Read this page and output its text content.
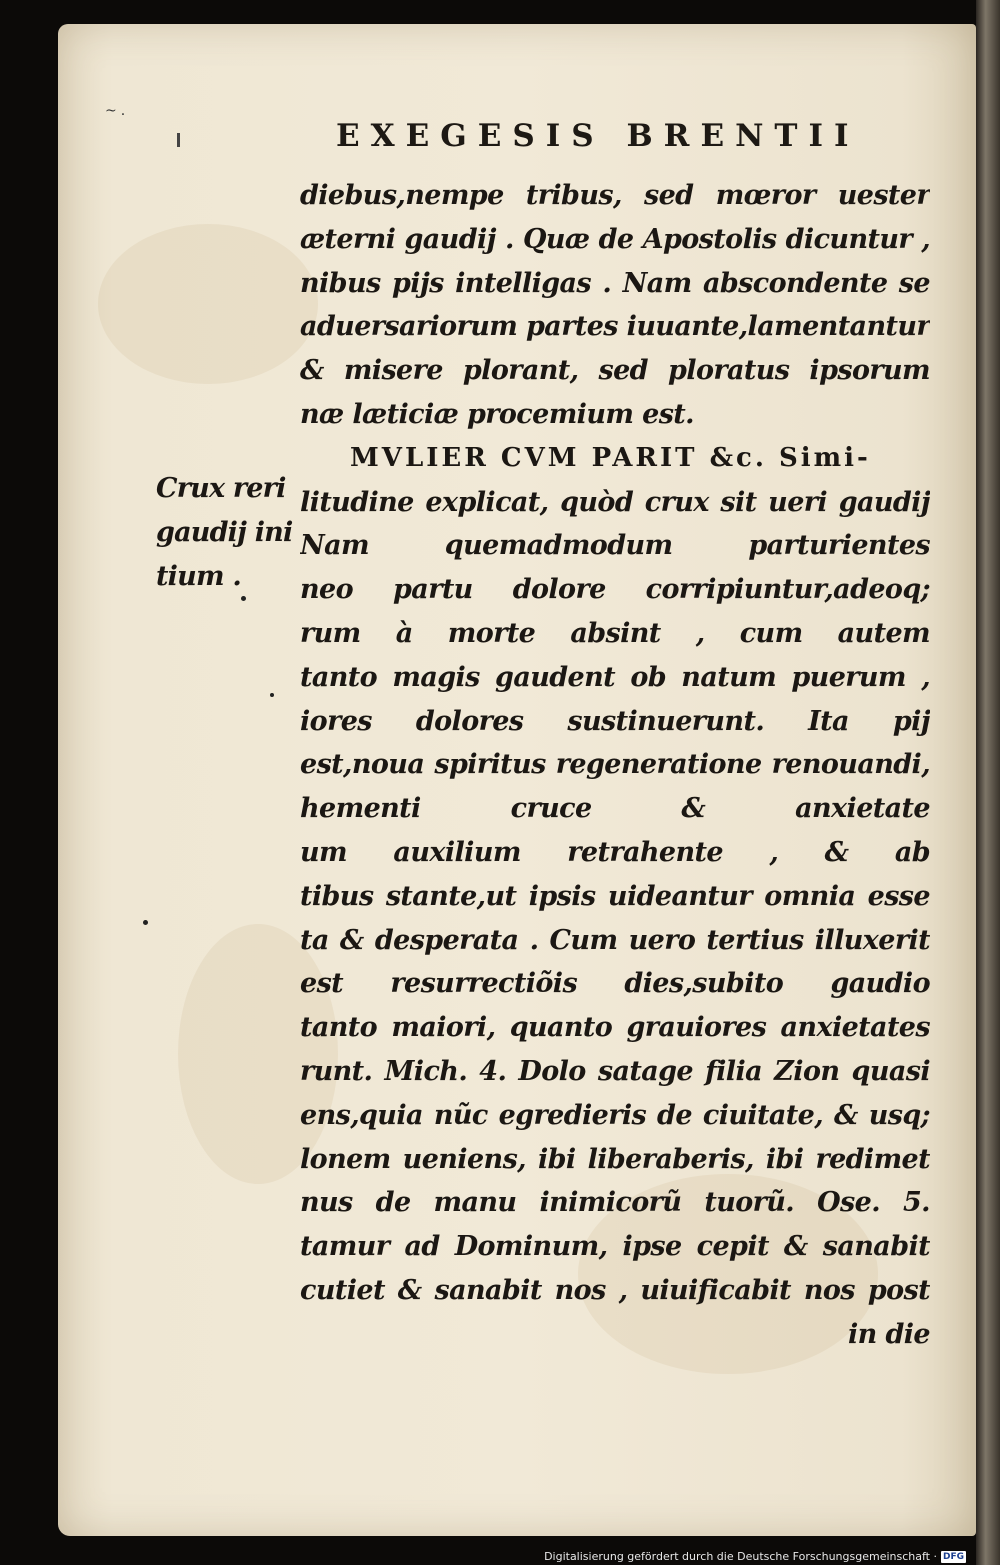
~.
EXEGESIS BRENTII
Crux reri
gaudij ini
tium .
diebus,nempe tribus, sed mœror uester
æterni gaudij . Quæ de Apostolis dicuntur ,
nibus pijs intelligas . Nam abscondente se
aduersariorum partes iuuante,lamentantur
& misere plorant, sed ploratus ipsorum
næ læticiæ procemium est.
MVLIER CVM PARIT &c. Simi-
litudine explicat, quòd crux sit ueri gaudij
Nam quemadmodum parturientes
neo partu dolore corripiuntur,adeoq;
rum à morte absint , cum autem
tanto magis gaudent ob natum puerum ,
iores dolores sustinuerunt. Ita pij
est,noua spiritus regeneratione renouandi,
hementi cruce & anxietate
um auxilium retrahente , & ab
tibus stante,ut ipsis uideantur omnia esse
ta & desperata . Cum uero tertius illuxerit
est resurrectiõis dies,subito gaudio
tanto maiori, quanto grauiores anxietates
runt. Mich. 4. Dolo satage filia Zion quasi
ens,quia nũc egredieris de ciuitate, & usq;
lonem ueniens, ibi liberaberis, ibi redimet
nus de manu inimicorũ tuorũ. Ose. 5.
tamur ad Dominum, ipse cepit & sanabit
cutiet & sanabit nos , uiuificabit nos post
in die
Digitalisierung gefördert durch die Deutsche Forschungsgemeinschaft · DFG
